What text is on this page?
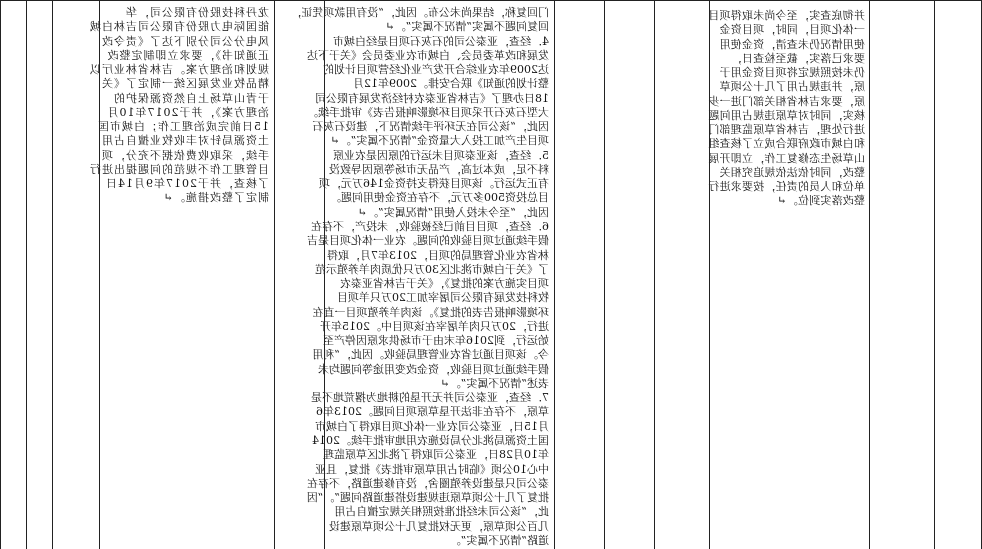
并彻底查实，至今尚未取得项目
一体化项目，同时，项目资金
使用情况仍未查清，资金使用
要求已落实，截至检查日，
仍未按照规定将项目资金用于
原，并违规占用了几十公顷草
原，要求吉林省相关部门进一步
核实，同时对草原违规占用问题
进行处理，吉林省草原监理部门
和白城市政府联合成立了核查组
山草场生态修复工作，立即开展
整改，同时依法依规追究相关
单位和人员的责任，按要求进行
整改落实到位。↵
门回复称，结果尚未公布。因此，“没有用款项凭证，
回复问题不属实”情况不属实”。↵
4．经查，亚泰公司的石灰石项目是经白城市
发展和改革委员会、白城市农业委员会《关于下达
达2009年农业综合开发产业化经营项目计划的
整计划的通知》联合安排。2009年12月
18日办理了《吉林省亚泰农村经济发展有限公司
大型石灰石开采项目环境影响报告表》审批手续。
因此，“该公司在无环评手续情况下，建设石灰石
项目生产加工投入大量资金”情况不属实”。↵
5．经查，该亚泰项目未运行的原因是农业原
料不足，成本过高，产品无市场等原因导致没
有正式运行。该项目获得支持资金146万元，项
目总投资500多万元，不存在资金使用问题。
因此，“至今未投入使用”情况属实”。↵
6．经查，项目目前已经被验收，未投产，不存在
假手续通过项目验收的问题。农业一体化项目是吉
林省农业化管理局的项目，2013年7月，取得
了《关于白城市洮北区30万只优质肉羊养殖示范
项目实施方案的批复》，《关于吉林省亚泰农
牧科技发展有限公司屠宰加工20万只羊项目
环境影响报告表的批复》。该肉羊养殖项目一直在
进行，20万只肉羊屠宰在该项目中。2015年开
始运行，到2016年末由于市场供求原因停产至
今。该项目通过省农业管理局验收。因此，“利用
假手续通过项目验收，资金改变用途等问题均未
表述”情况不属实”。↵
7．经查，亚泰公司并无开垦的耕地为撂荒地不是
草原，不存在非法开垦草原项目问题。2013年6
月15日，亚泰公司农业一体化项目取得了白城市
国土资源局洮北分局设施农用地审批手续。2014
年10月28日，亚泰公司取得了洮北区草原监理
中心10公顷《临时占用草原审批表》批复，且亚
泰公司只是建设养殖圈舍，没有修建道路，不存在
批复了几十公顷草原违规建设搭建道路问题”。“因
此，“该公司未经批准按照相关规定擅自占用
几百公顷草原，更无权批复几十公顷草原建设
道路”情况不属实”。
龙丹科技股份有限公司，华
能国际电力股份有限公司吉林白城
风电分公司分别下达了《责令改
正通知书》，要求立即制定整改
规划和治理方案。吉林省林业厅以
精品牧业发展区统一制定了《关
于青山草场上自然资源保护的
治理方案》，并于2017年10月
15日前完成治理工作；白城市国
土资源局针对丰收牧业擅自占用
手续，采取收费依据不充分，项
目管理工作不规范的问题提出进行
了核查，并于2017年9月14日
制定了整改措施。↵
